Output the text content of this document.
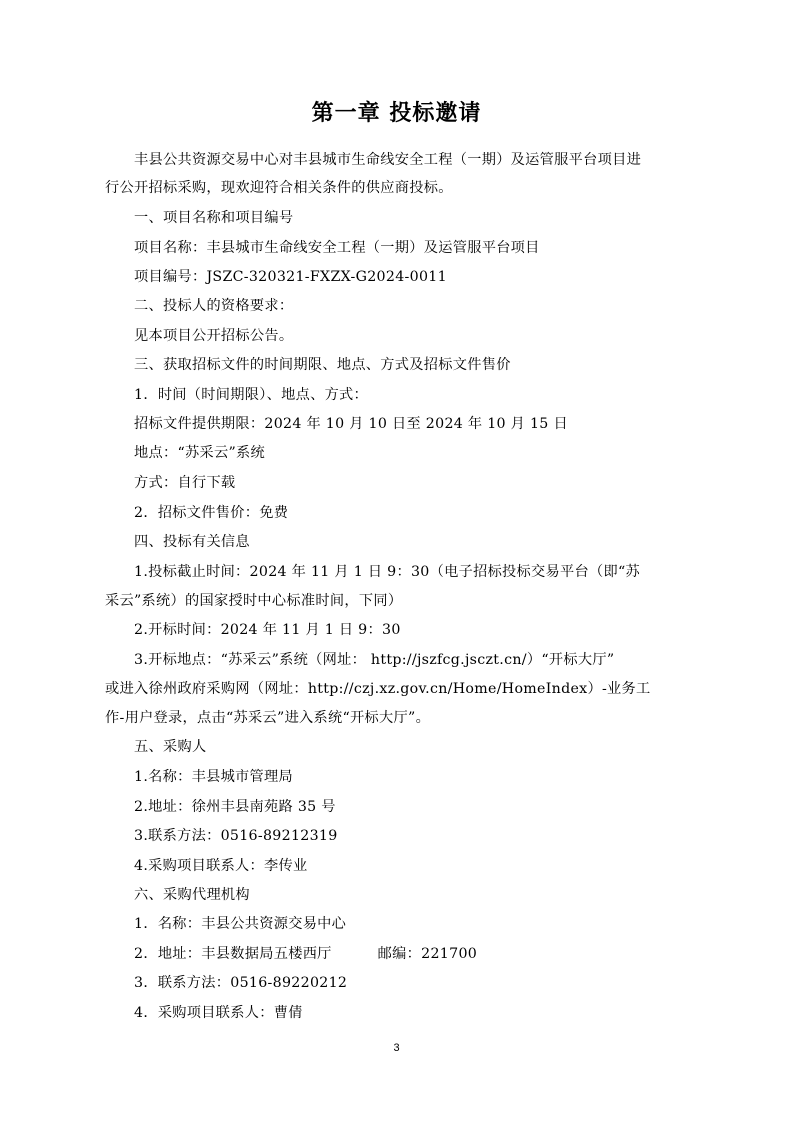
第一章 投标邀请
丰县公共资源交易中心对丰县城市生命线安全工程（一期）及运管服平台项目进
行公开招标采购，现欢迎符合相关条件的供应商投标。
一、项目名称和项目编号
项目名称：丰县城市生命线安全工程（一期）及运管服平台项目
项目编号：JSZC-320321-FXZX-G2024-0011
二、投标人的资格要求：
见本项目公开招标公告。
三、获取招标文件的时间期限、地点、方式及招标文件售价
1．时间（时间期限）、地点、方式：
招标文件提供期限：2024 年 10 月 10 日至 2024 年 10 月 15 日
地点：“苏采云”系统
方式：自行下载
2．招标文件售价：免费
四、投标有关信息
1.投标截止时间：2024 年 11 月 1 日 9：30（电子招标投标交易平台（即“苏
采云”系统）的国家授时中心标准时间，下同）
2.开标时间：2024 年 11 月 1 日 9：30
3.开标地点：“苏采云”系统（网址： http://jszfcg.jsczt.cn/）“开标大厅”
或进入徐州政府采购网（网址：http://czj.xz.gov.cn/Home/HomeIndex）-业务工
作-用户登录，点击“苏采云”进入系统“开标大厅”。
五、采购人
1.名称：丰县城市管理局
2.地址：徐州丰县南苑路 35 号
3.联系方法：0516-89212319
4.采购项目联系人：李传业
六、采购代理机构
1．名称：丰县公共资源交易中心
2．地址：丰县数据局五楼西厅	邮编：221700
3．联系方法：0516-89220212
4．采购项目联系人：曹倩
3
